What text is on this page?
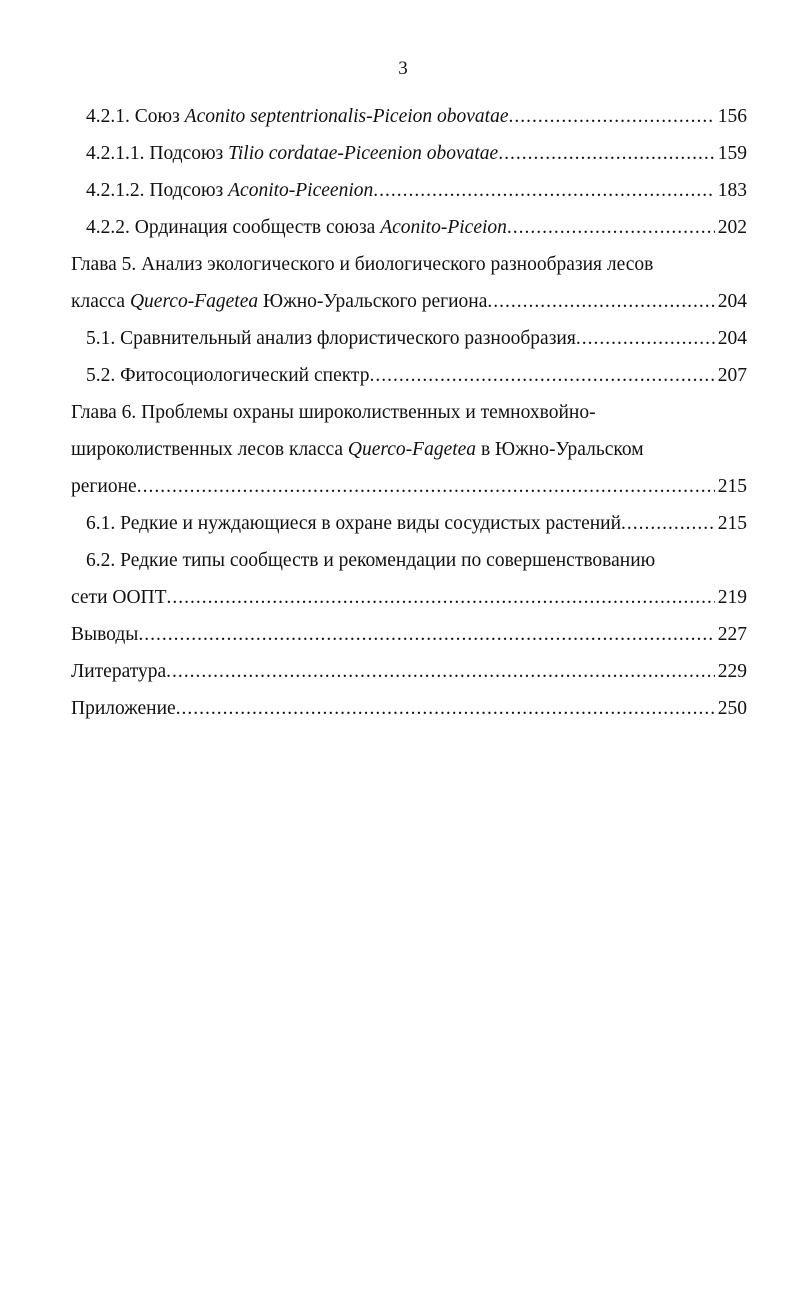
3
4.2.1. Союз Aconito septentrionalis-Piceion obovatae .....	156
4.2.1.1. Подсоюз Tilio cordatae-Piceenion obovatae .....	159
4.2.1.2. Подсоюз Aconito-Piceenion .....	183
4.2.2. Ординация сообществ союза Aconito-Piceion .....	202
Глава 5. Анализ экологического и биологического разнообразия лесов
класса Querco-Fagetea Южно-Уральского региона .....	204
5.1. Сравнительный анализ флористического разнообразия .....	204
5.2. Фитосоциологический спектр .....	207
Глава 6. Проблемы охраны широколиственных и темнохвойно-
широколиственных лесов класса Querco-Fagetea в Южно-Уральском
регионе .....	215
6.1. Редкие и нуждающиеся в охране виды сосудистых растений .....	215
6.2. Редкие типы сообществ и рекомендации по совершенствованию
сети ООПТ .....	219
Выводы .....	227
Литература .....	229
Приложение .....	250
